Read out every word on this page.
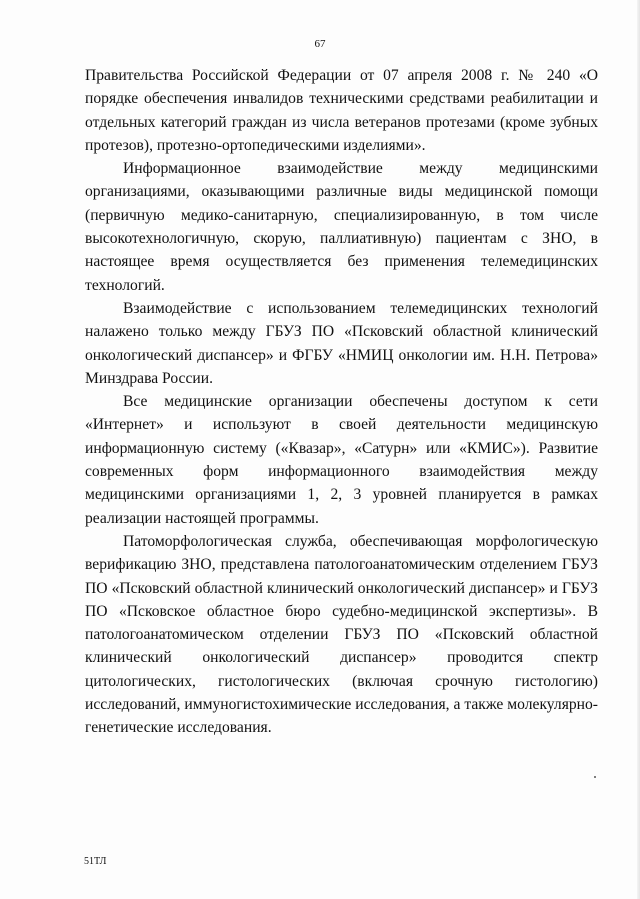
67

Правительства Российской Федерации от 07 апреля 2008 г. № 240 «О порядке обеспечения инвалидов техническими средствами реабилитации и отдельных категорий граждан из числа ветеранов протезами (кроме зубных протезов), протезно-ортопедическими изделиями».

Информационное взаимодействие между медицинскими организациями, оказывающими различные виды медицинской помощи (первичную медико-санитарную, специализированную, в том числе высокотехнологичную, скорую, паллиативную) пациентам с ЗНО, в настоящее время осуществляется без применения телемедицинских технологий.

Взаимодействие с использованием телемедицинских технологий налажено только между ГБУЗ ПО «Псковский областной клинический онкологический диспансер» и ФГБУ «НМИЦ онкологии им. Н.Н. Петрова» Минздрава России.

Все медицинские организации обеспечены доступом к сети «Интернет» и используют в своей деятельности медицинскую информационную систему («Квазар», «Сатурн» или «КМИС»). Развитие современных форм информационного взаимодействия между медицинскими организациями 1, 2, 3 уровней планируется в рамках реализации настоящей программы.

Патоморфологическая служба, обеспечивающая морфологическую верификацию ЗНО, представлена патологоанатомическим отделением ГБУЗ ПО «Псковский областной клинический онкологический диспансер» и ГБУЗ ПО «Псковское областное бюро судебно-медицинской экспертизы». В патологоанатомическом отделении ГБУЗ ПО «Псковский областной клинический онкологический диспансер» проводится спектр цитологических, гистологических (включая срочную гистологию) исследований, иммуногистохимические исследования, а также молекулярно-генетические исследования.

51ТЛ
